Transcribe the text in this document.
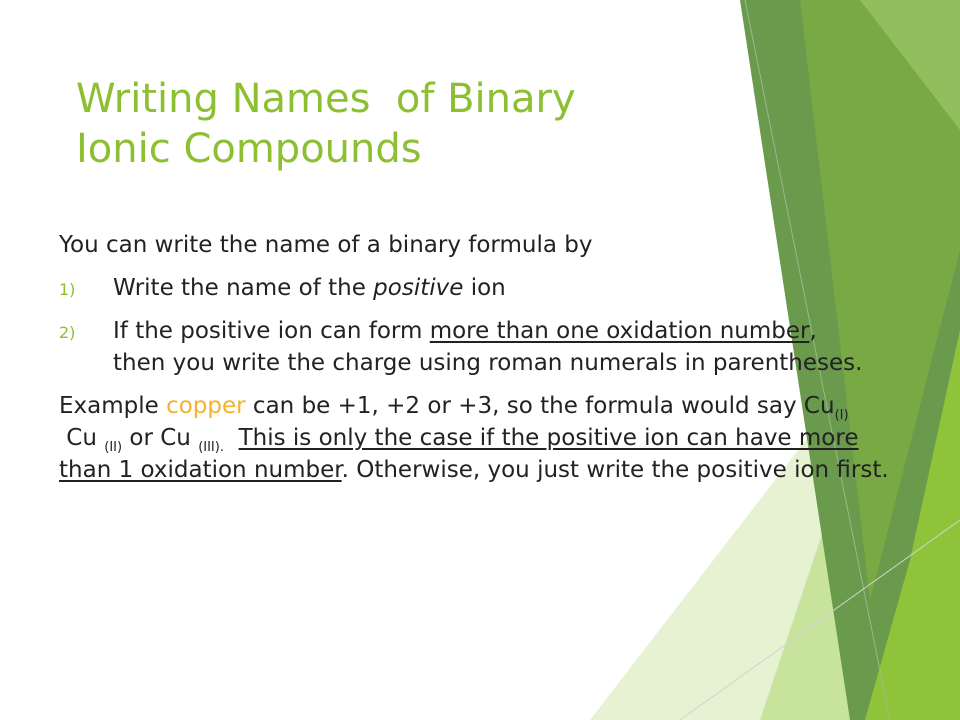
Writing Names  of Binary
Ionic Compounds

You can write the name of a binary formula by

1) Write the name of the positive ion
2) If the positive ion can form more than one oxidation number, then you write the charge using roman numerals in parentheses.

Example copper can be +1, +2 or +3, so the formula would say $Cu_{(I)}$ Cu $_{(II)}$ or Cu $_{(III).}$ This is only the case if the positive ion can have more than 1 oxidation number. Otherwise, you just write the positive ion first.
